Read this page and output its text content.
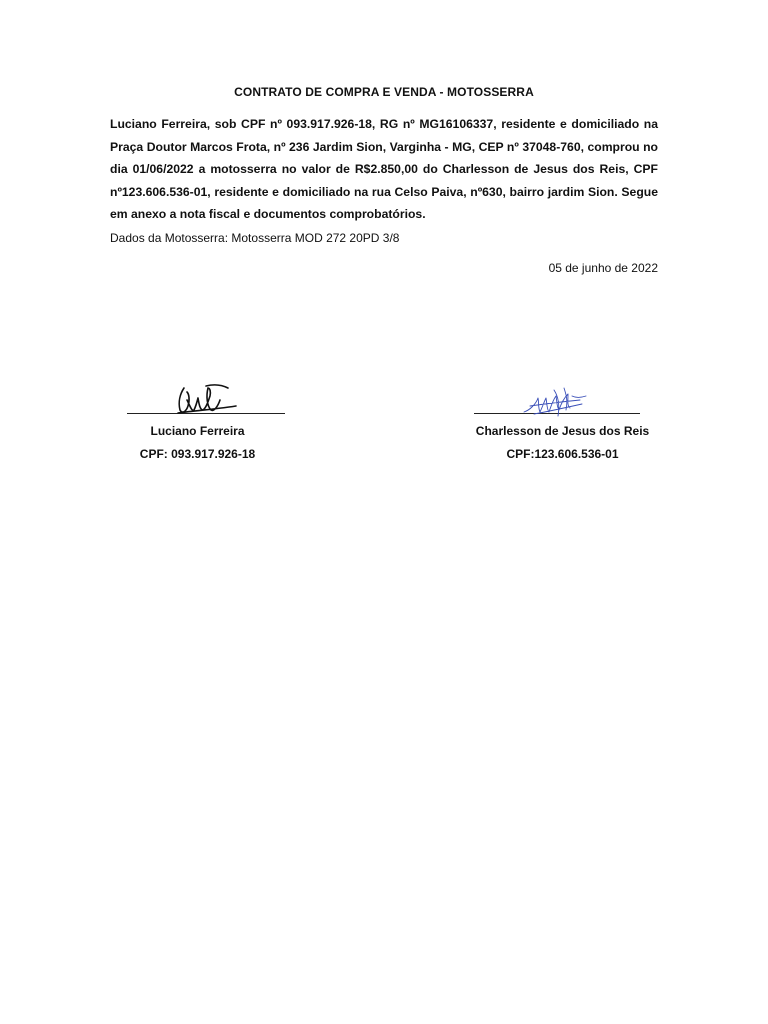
CONTRATO DE COMPRA E VENDA - MOTOSSERRA

Luciano Ferreira, sob CPF nº 093.917.926-18, RG nº MG16106337, residente e domiciliado na Praça Doutor Marcos Frota, nº 236 Jardim Sion, Varginha - MG, CEP nº 37048-760, comprou no dia 01/06/2022 a motosserra no valor de R$2.850,00 do Charlesson de Jesus dos Reis, CPF nº123.606.536-01, residente e domiciliado na rua Celso Paiva, nº630, bairro jardim Sion. Segue em anexo a nota fiscal e documentos comprobatórios.

Dados da Motosserra: Motosserra MOD 272 20PD 3/8
05 de junho de 2022
Luciano Ferreira
CPF: 093.917.926-18
Charlesson de Jesus dos Reis
CPF:123.606.536-01
